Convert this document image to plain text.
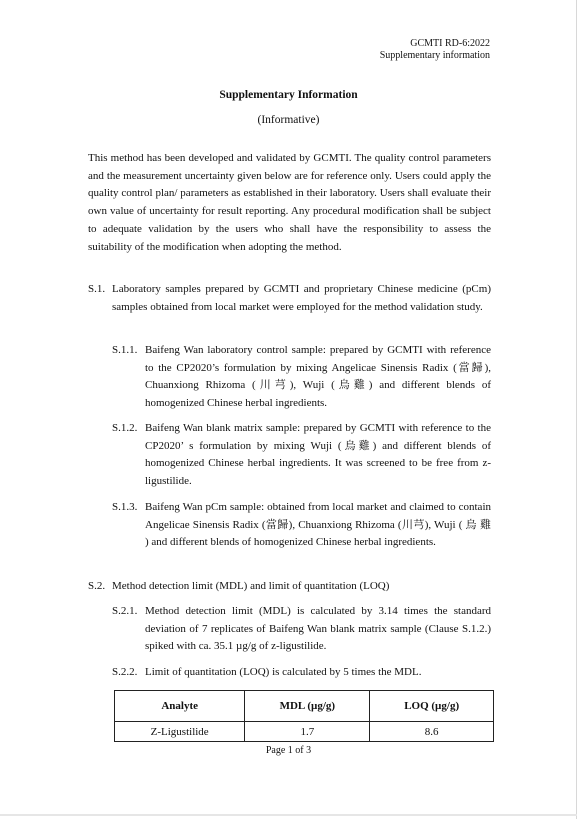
GCMTI RD-6:2022
Supplementary information
Supplementary Information
(Informative)
This method has been developed and validated by GCMTI. The quality control parameters and the measurement uncertainty given below are for reference only. Users could apply the quality control plan/ parameters as established in their laboratory. Users shall evaluate their own value of uncertainty for result reporting. Any procedural modification shall be subject to adequate validation by the users who shall have the responsibility to assess the suitability of the modification when adopting the method.
S.1. Laboratory samples prepared by GCMTI and proprietary Chinese medicine (pCm) samples obtained from local market were employed for the method validation study.
S.1.1. Baifeng Wan laboratory control sample: prepared by GCMTI with reference to the CP2020’s formulation by mixing Angelicae Sinensis Radix (當歸), Chuanxiong Rhizoma (川芎), Wuji (烏雞) and different blends of homogenized Chinese herbal ingredients.
S.1.2. Baifeng Wan blank matrix sample: prepared by GCMTI with reference to the CP2020’ s formulation by mixing Wuji (烏雞) and different blends of homogenized Chinese herbal ingredients. It was screened to be free from z-ligustilide.
S.1.3. Baifeng Wan pCm sample: obtained from local market and claimed to contain Angelicae Sinensis Radix (當歸), Chuanxiong Rhizoma (川芎), Wuji ( 烏 雞 ) and different blends of homogenized Chinese herbal ingredients.
S.2. Method detection limit (MDL) and limit of quantitation (LOQ)
S.2.1. Method detection limit (MDL) is calculated by 3.14 times the standard deviation of 7 replicates of Baifeng Wan blank matrix sample (Clause S.1.2.) spiked with ca. 35.1 µg/g of z-ligustilide.
S.2.2. Limit of quantitation (LOQ) is calculated by 5 times the MDL.
Analyte	MDL (µg/g)	LOQ (µg/g)
Z-Ligustilide	1.7	8.6
Page 1 of 3
